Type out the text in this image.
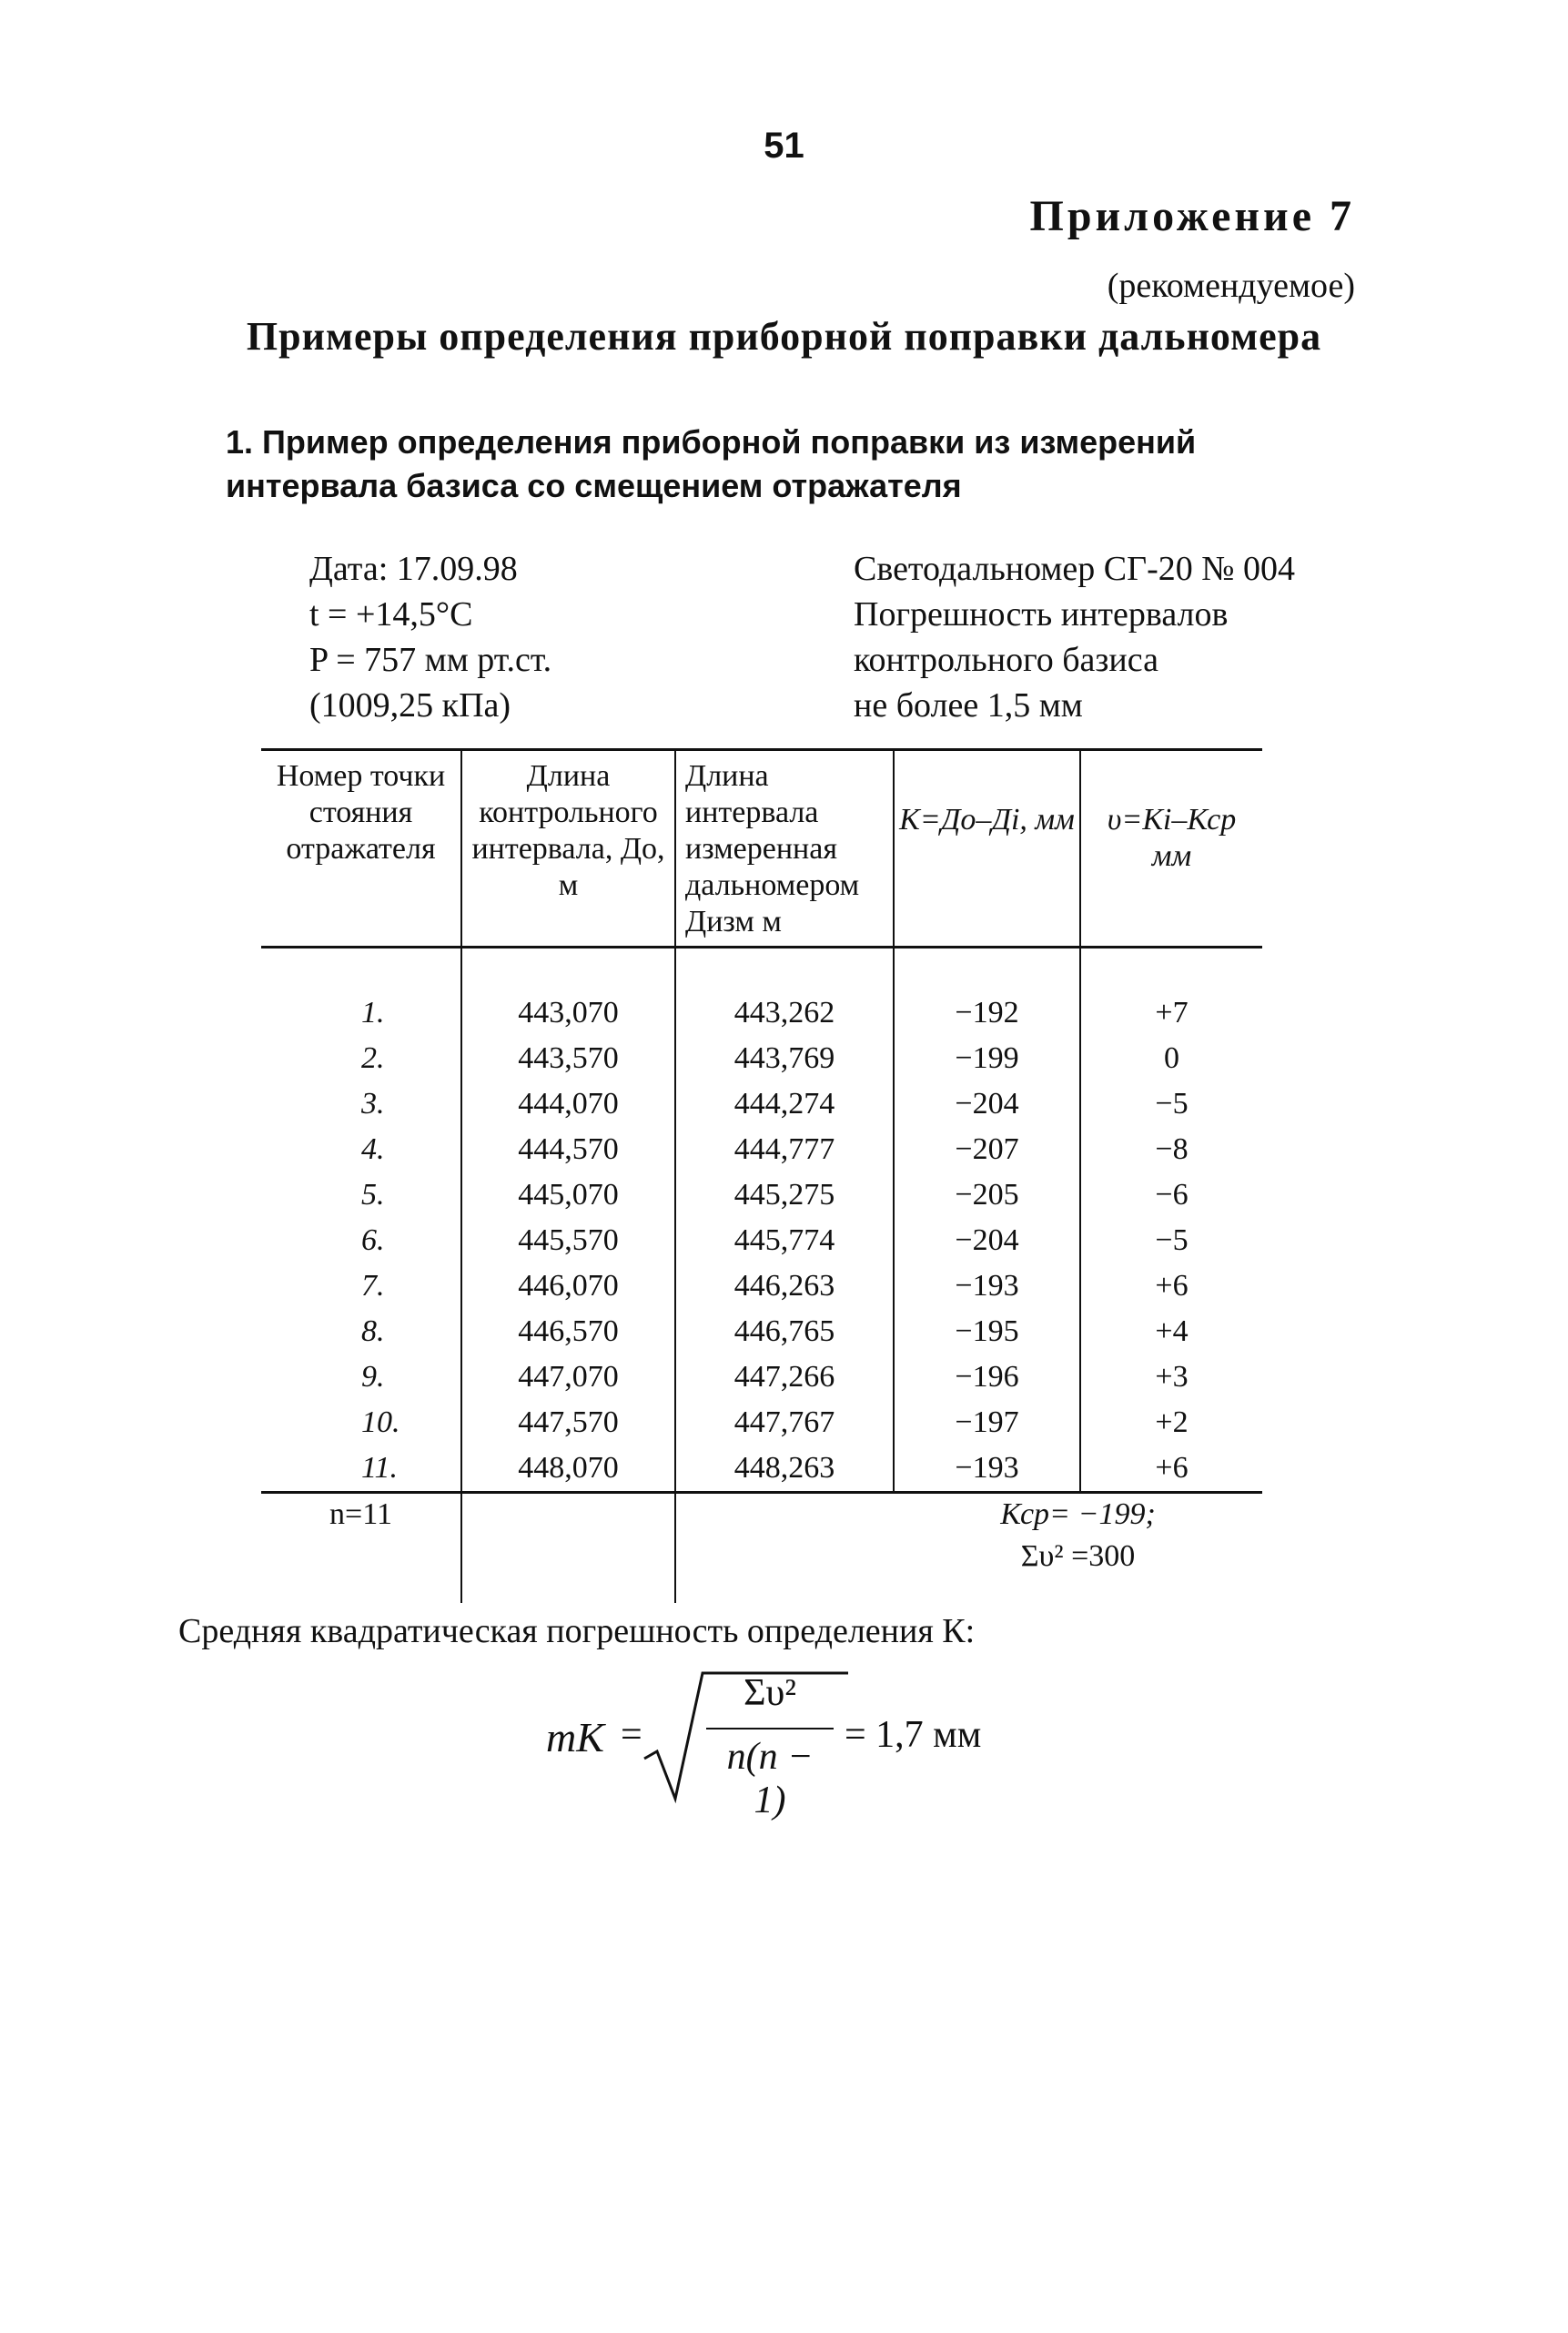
51
Приложение 7
(рекомендуемое)
Примеры определения приборной поправки дальномера
1. Пример определения приборной поправки из измерений интервала базиса со смещением отражателя
Дата: 17.09.98
t = +14,5°С
P = 757 мм рт.ст.
(1009,25 кПа)
Светодальномер СГ-20 № 004
Погрешность интервалов
контрольного базиса
не более 1,5 мм
Номер точки стояния отражателя	Длина контрольного интервала, До, м	Длина интервала измеренная дальномером Дизм м	К=До–Дi, мм	υ=Кi–Кср мм
1.	443,070	443,262	−192	+7
2.	443,570	443,769	−199	0
3.	444,070	444,274	−204	−5
4.	444,570	444,777	−207	−8
5.	445,070	445,275	−205	−6
6.	445,570	445,774	−204	−5
7.	446,070	446,263	−193	+6
8.	446,570	446,765	−195	+4
9.	447,070	447,266	−196	+3
10.	447,570	447,767	−197	+2
11.	448,070	448,263	−193	+6
n=11			Кср= −199;
Συ² =300	
Средняя квадратическая погрешность определения К:
mK =
Συ²
n(n − 1)
= 1,7 мм
